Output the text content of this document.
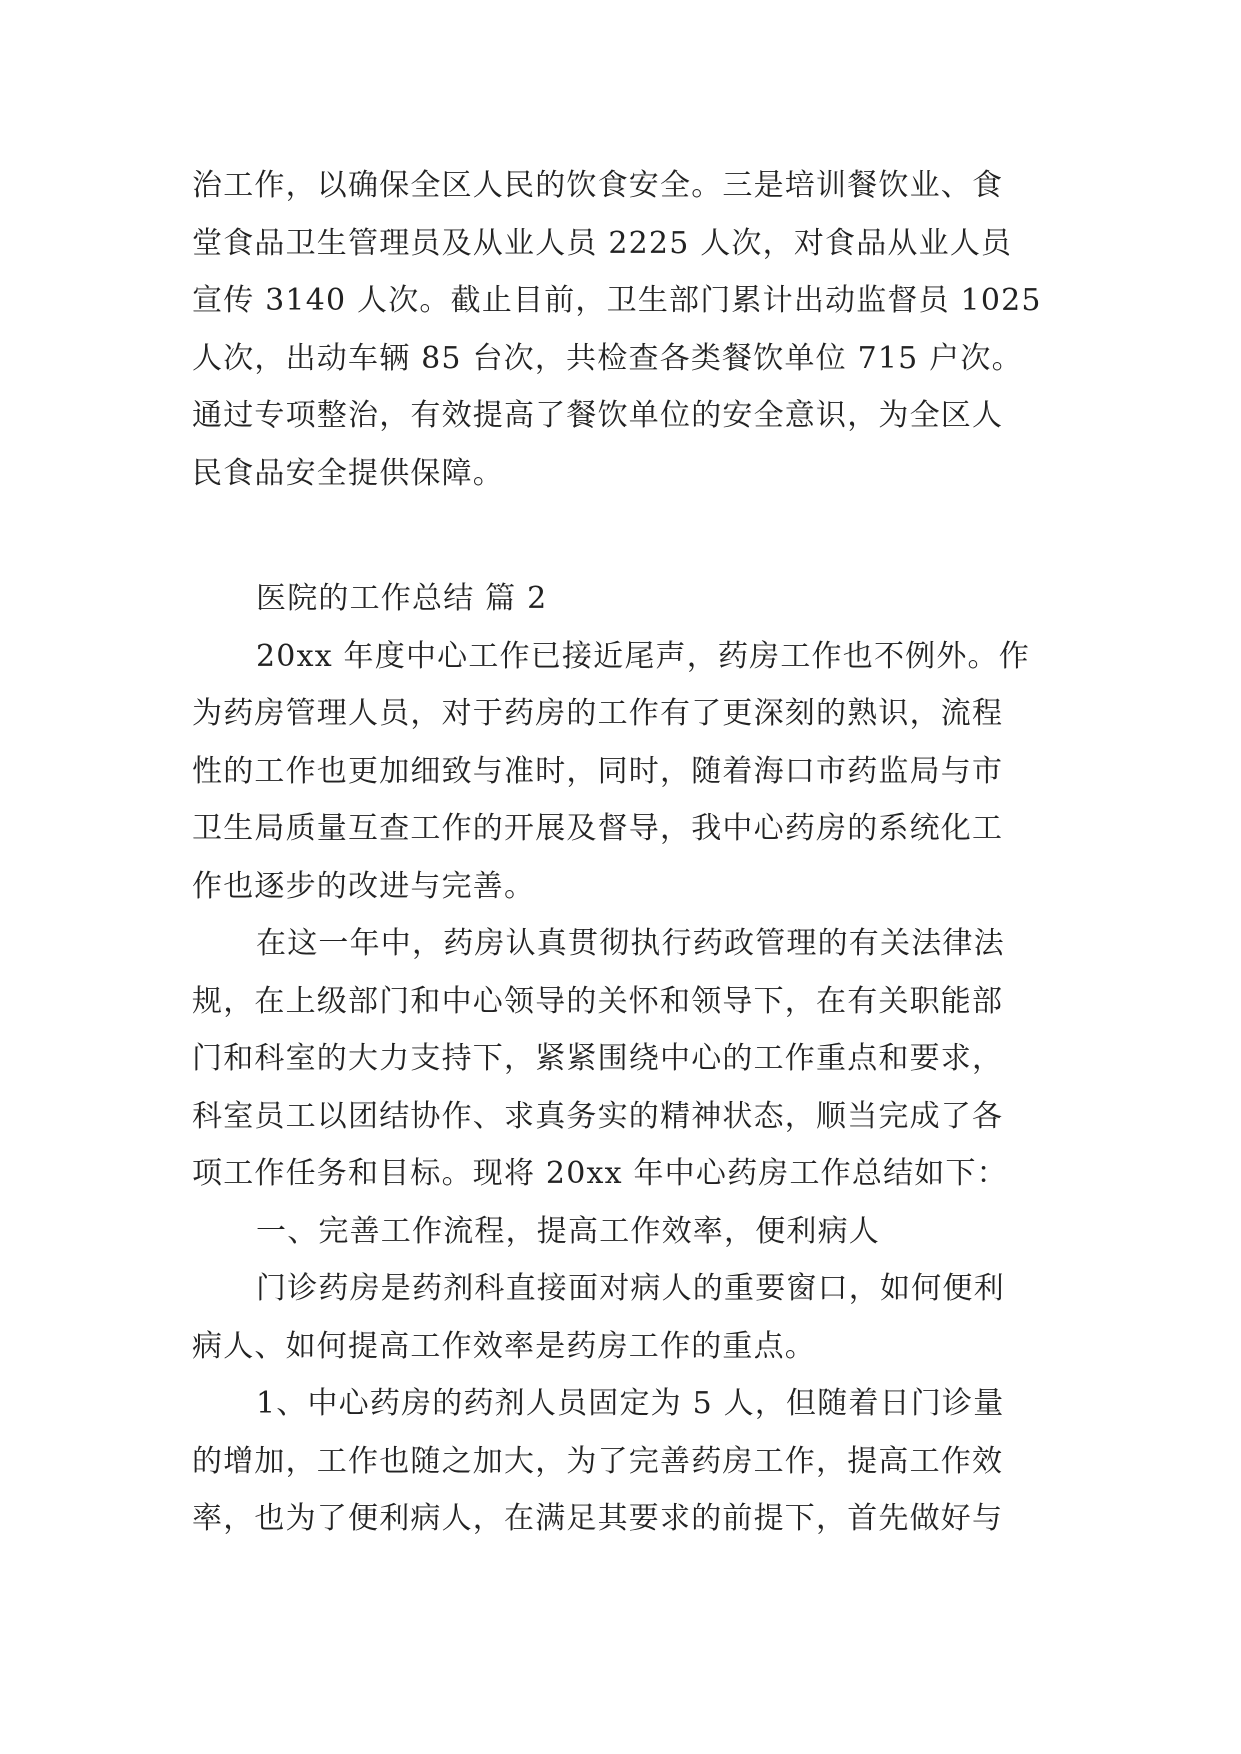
治工作，以确保全区人民的饮食安全。三是培训餐饮业、食
堂食品卫生管理员及从业人员 2225 人次，对食品从业人员
宣传 3140 人次。截止目前，卫生部门累计出动监督员 1025
人次，出动车辆 85 台次，共检查各类餐饮单位 715 户次。
通过专项整治，有效提高了餐饮单位的安全意识，为全区人
民食品安全提供保障。
医院的工作总结 篇 2
20xx 年度中心工作已接近尾声，药房工作也不例外。作
为药房管理人员，对于药房的工作有了更深刻的熟识，流程
性的工作也更加细致与准时，同时，随着海口市药监局与市
卫生局质量互查工作的开展及督导，我中心药房的系统化工
作也逐步的改进与完善。
在这一年中，药房认真贯彻执行药政管理的有关法律法
规，在上级部门和中心领导的关怀和领导下，在有关职能部
门和科室的大力支持下，紧紧围绕中心的工作重点和要求，
科室员工以团结协作、求真务实的精神状态，顺当完成了各
项工作任务和目标。现将 20xx 年中心药房工作总结如下：
一、完善工作流程，提高工作效率，便利病人
门诊药房是药剂科直接面对病人的重要窗口，如何便利
病人、如何提高工作效率是药房工作的重点。
1、中心药房的药剂人员固定为 5 人，但随着日门诊量
的增加，工作也随之加大，为了完善药房工作，提高工作效
率，也为了便利病人，在满足其要求的前提下，首先做好与
